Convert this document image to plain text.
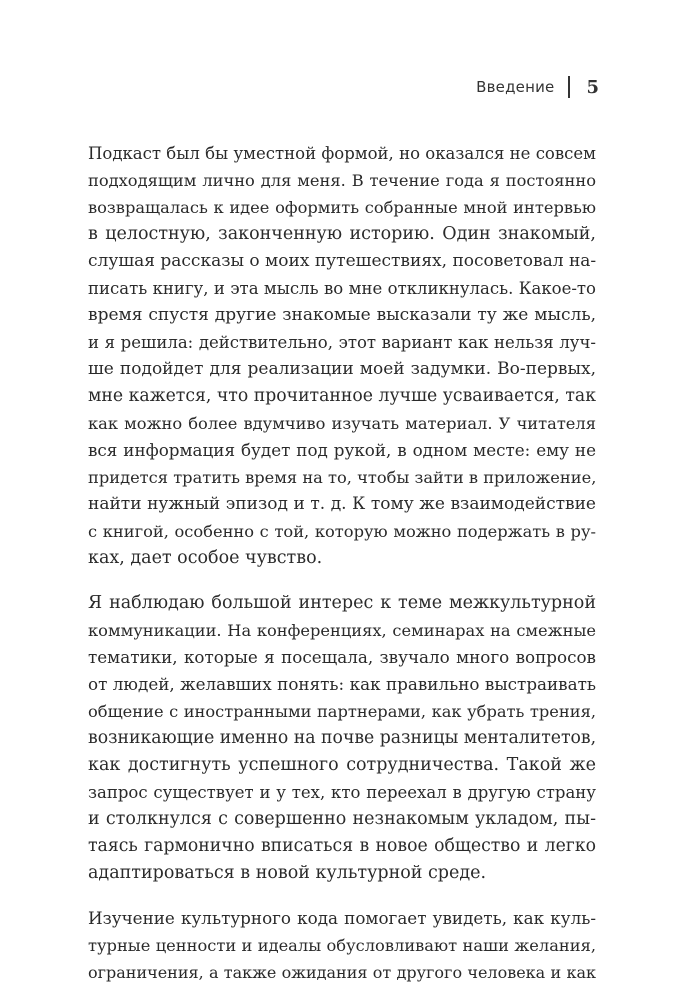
Введение 5

Подкаст был бы уместной формой, но оказался не совсем
подходящим лично для меня. В течение года я постоянно
возвращалась к идее оформить собранные мной интервью
в целостную, законченную историю. Один знакомый,
слушая рассказы о моих путешествиях, посоветовал на-
писать книгу, и эта мысль во мне откликнулась. Какое-то
время спустя другие знакомые высказали ту же мысль,
и я решила: действительно, этот вариант как нельзя луч-
ше подойдет для реализации моей задумки. Во-первых,
мне кажется, что прочитанное лучше усваивается, так
как можно более вдумчиво изучать материал. У читателя
вся информация будет под рукой, в одном месте: ему не
придется тратить время на то, чтобы зайти в приложение,
найти нужный эпизод и т. д. К тому же взаимодействие
с книгой, особенно с той, которую можно подержать в ру-
ках, дает особое чувство.

Я наблюдаю большой интерес к теме межкультурной
коммуникации. На конференциях, семинарах на смежные
тематики, которые я посещала, звучало много вопросов
от людей, желавших понять: как правильно выстраивать
общение с иностранными партнерами, как убрать трения,
возникающие именно на почве разницы менталитетов,
как достигнуть успешного сотрудничества. Такой же
запрос существует и у тех, кто переехал в другую страну
и столкнулся с совершенно незнакомым укладом, пы-
таясь гармонично вписаться в новое общество и легко
адаптироваться в новой культурной среде.

Изучение культурного кода помогает увидеть, как куль-
турные ценности и идеалы обусловливают наши желания,
ограничения, а также ожидания от другого человека и как
